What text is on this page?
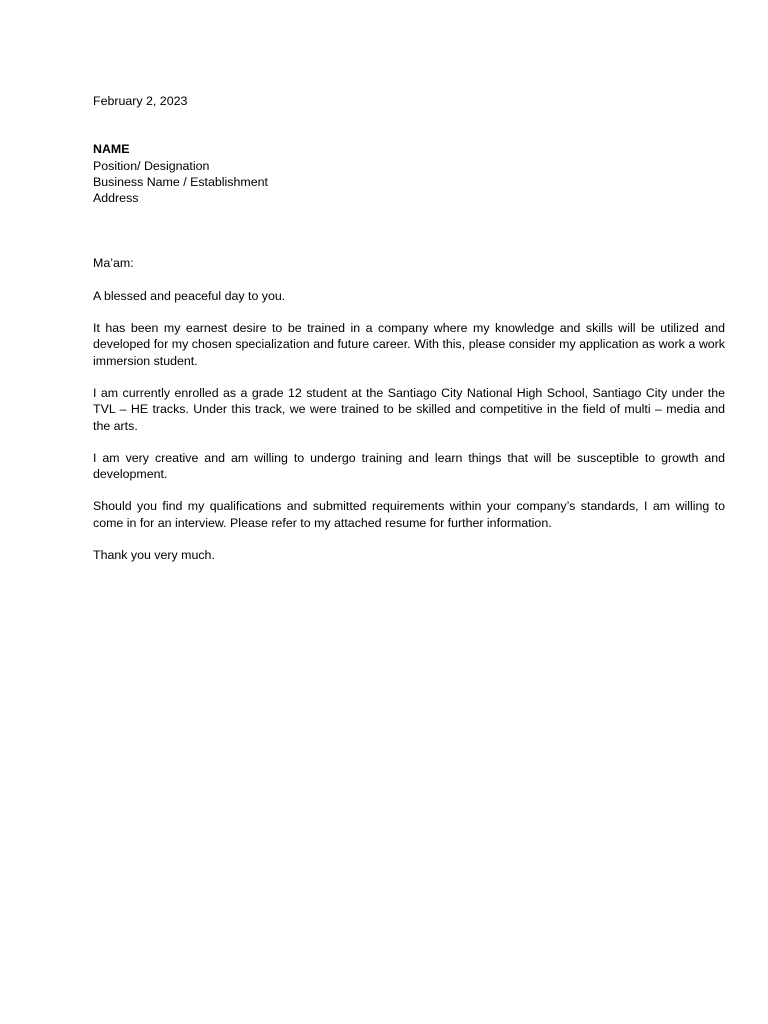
February 2, 2023

NAME

Position/ Designation

Business Name / Establishment

Address

Ma’am:

A blessed and peaceful day to you.

It has been my earnest desire to be trained in a company where my knowledge and skills will be utilized and developed for my chosen specialization and future career. With this, please consider my application as work a work immersion student.

I am currently enrolled as a grade 12 student at the Santiago City National High School, Santiago City under the TVL – HE tracks. Under this track, we were trained to be skilled and competitive in the field of multi – media and the arts.

I am very creative and am willing to undergo training and learn things that will be susceptible to growth and development.

Should you find my qualifications and submitted requirements within your company’s standards, I am willing to come in for an interview. Please refer to my attached resume for further information.

Thank you very much.
